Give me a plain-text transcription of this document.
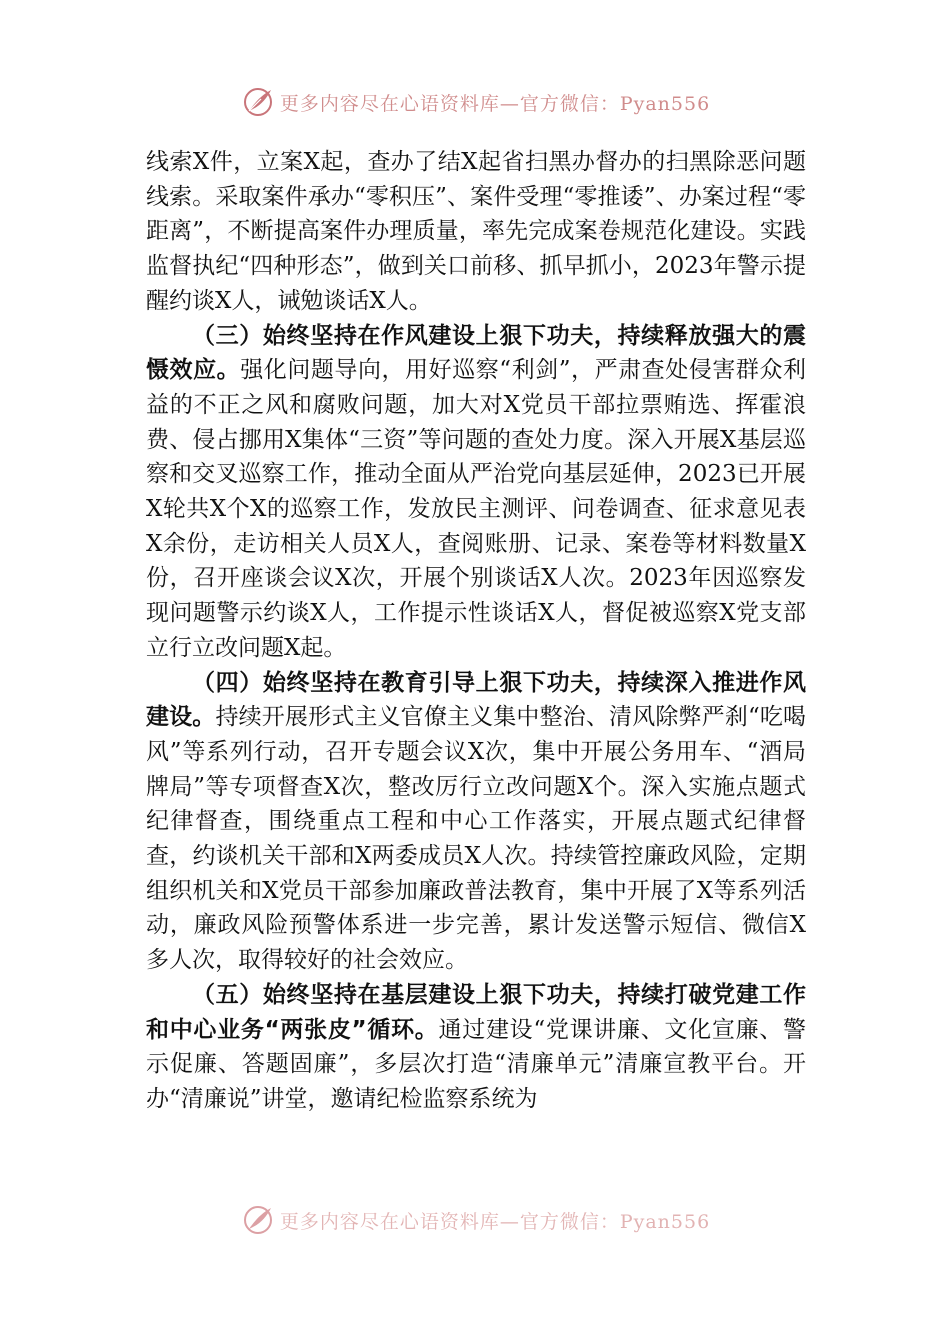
更多内容尽在心语资料库—官方微信：Pyan556

线索X件，立案X起，查办了结X起省扫黑办督办的扫黑除恶问题线索。采取案件承办“零积压”、案件受理“零推诿”、办案过程“零距离”，不断提高案件办理质量，率先完成案卷规范化建设。实践监督执纪“四种形态”，做到关口前移、抓早抓小，2023年警示提醒约谈X人，诫勉谈话X人。

（三）始终坚持在作风建设上狠下功夫，持续释放强大的震慑效应。强化问题导向，用好巡察“利剑”，严肃查处侵害群众利益的不正之风和腐败问题，加大对X党员干部拉票贿选、挥霍浪费、侵占挪用X集体“三资”等问题的查处力度。深入开展X基层巡察和交叉巡察工作，推动全面从严治党向基层延伸，2023已开展X轮共X个X的巡察工作，发放民主测评、问卷调查、征求意见表X余份，走访相关人员X人，查阅账册、记录、案卷等材料数量X份，召开座谈会议X次，开展个别谈话X人次。2023年因巡察发现问题警示约谈X人，工作提示性谈话X人，督促被巡察X党支部立行立改问题X起。

（四）始终坚持在教育引导上狠下功夫，持续深入推进作风建设。持续开展形式主义官僚主义集中整治、清风除弊严刹“吃喝风”等系列行动，召开专题会议X次，集中开展公务用车、“酒局牌局”等专项督查X次，整改厉行立改问题X个。深入实施点题式纪律督查，围绕重点工程和中心工作落实，开展点题式纪律督查，约谈机关干部和X两委成员X人次。持续管控廉政风险，定期组织机关和X党员干部参加廉政普法教育，集中开展了X等系列活动，廉政风险预警体系进一步完善，累计发送警示短信、微信X多人次，取得较好的社会效应。

（五）始终坚持在基层建设上狠下功夫，持续打破党建工作和中心业务“两张皮”循环。通过建设“党课讲廉、文化宣廉、警示促廉、答题固廉”，多层次打造“清廉单元”清廉宣教平台。开办“清廉说”讲堂，邀请纪检监察系统为

更多内容尽在心语资料库—官方微信：Pyan556
